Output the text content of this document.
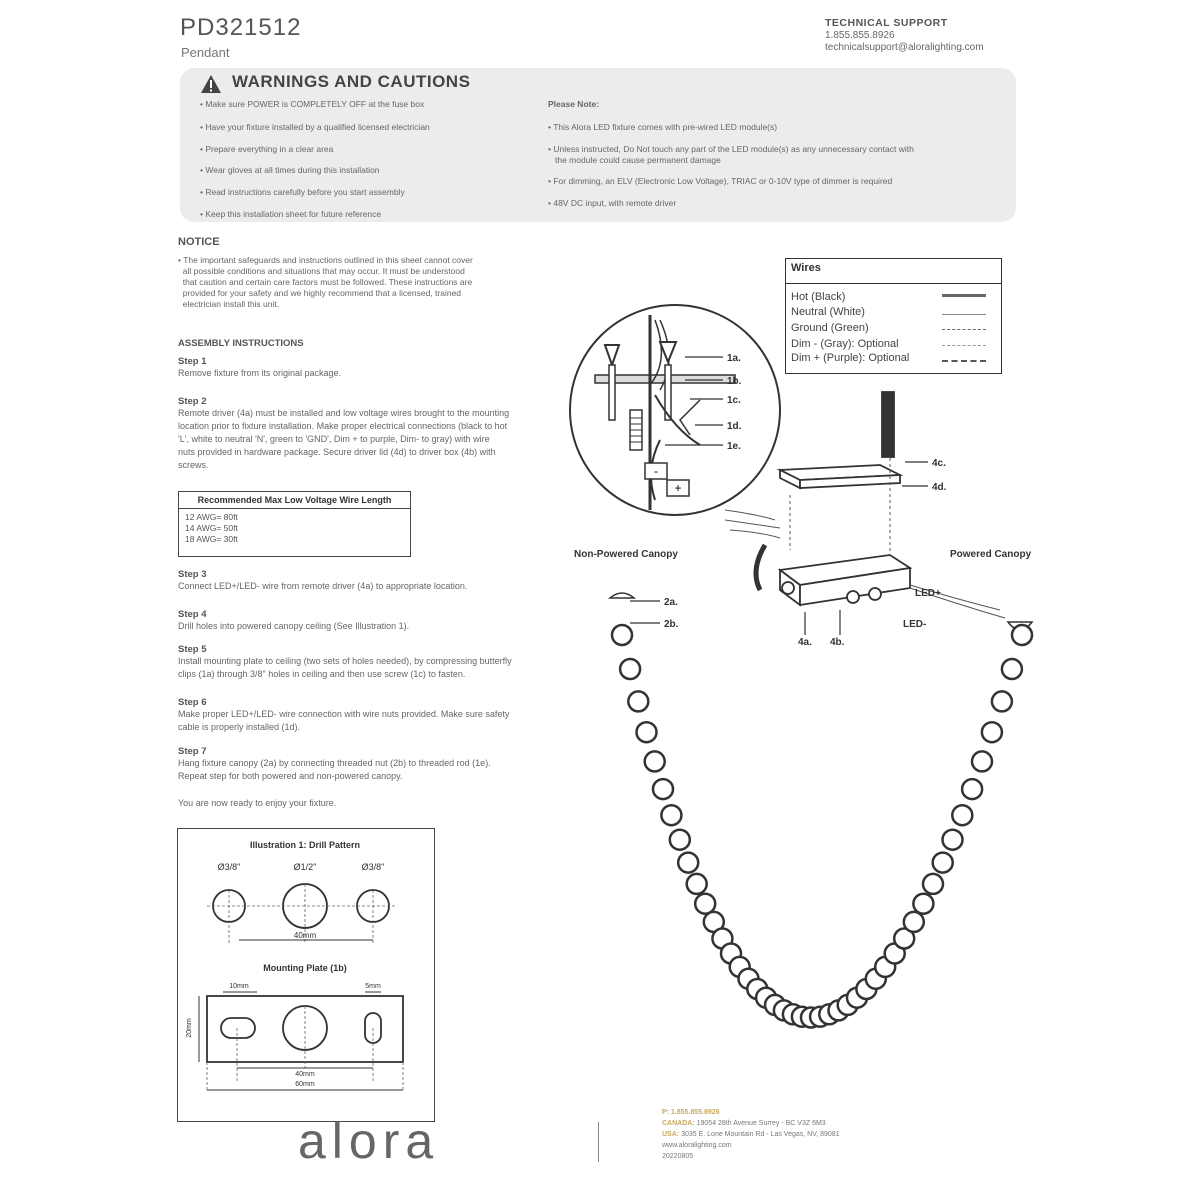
PD321512
Pendant
TECHNICAL SUPPORT
1.855.855.8926
technicalsupport@aloralighting.com
WARNINGS AND CAUTIONS
• Make sure POWER is COMPLETELY OFF at the fuse box
• Have your fixture installed by a qualified licensed electrician
• Prepare everything in a clear area
• Wear gloves at all times during this installation
• Read instructions carefully before you start assembly
• Keep this installation sheet for future reference
Please Note:
• This Alora LED fixture comes with pre-wired LED module(s)
• Unless instructed, Do Not touch any part of the LED module(s) as any unnecessary contact with
the module could cause permanent damage
• For dimming, an ELV (Electronic Low Voltage), TRIAC or 0-10V type of dimmer is required
• 48V DC input, with remote driver
NOTICE
• The important safeguards and instructions outlined in this sheet cannot cover
all possible conditions and situations that may occur. It must be understood
that caution and certain care factors must be followed. These instructions are
provided for your safety and we highly recommend that a licensed, trained
electrician install this unit.
ASSEMBLY INSTRUCTIONS
Step 1
Remove fixture from its original package.
Step 2
Remote driver (4a) must be installed and low voltage wires brought to the mounting
location prior to fixture installation. Make proper electrical connections (black to hot
'L', white to neutral 'N', green to 'GND', Dim + to purple, Dim- to gray) with wire
nuts provided in hardware package. Secure driver lid (4d) to driver box (4b) with
screws.
Recommended Max Low Voltage Wire Length
12 AWG= 80ft
14 AWG= 50ft
18 AWG= 30ft
Step 3
Connect LED+/LED- wire from remote driver (4a) to appropriate location.
Step 4
Drill holes into powered canopy ceiling (See Illustration 1).
Step 5
Install mounting plate to ceiling (two sets of holes needed), by compressing butterfly
clips (1a) through 3/8" holes in ceiling and then use screw (1c) to fasten.
Step 6
Make proper LED+/LED- wire connection with wire nuts provided. Make sure safety
cable is properly installed (1d).
Step 7
Hang fixture canopy (2a) by connecting threaded nut (2b) to threaded rod (1e).
Repeat step for both powered and non-powered canopy.
You are now ready to enjoy your fixture.
Wires
Hot (Black)
Neutral (White)
Ground (Green)
Dim - (Gray): Optional
Dim + (Purple): Optional
-
+
1a.
1b.
1c.
1d.
1e.
4c.
4d.
4a. 4b.
LED+
LED-
Non-Powered Canopy	Powered Canopy
2a.
2b.
Illustration 1: Drill Pattern
Ø3/8"	Ø1/2"	Ø3/8"
40mm
Mounting Plate (1b)
10mm	5mm
40mm
60mm
20mm
alora
P: 1.855.855.8926
CANADA: 19054 28th Avenue Surrey - BC V3Z 6M3
USA: 3035 E. Lone Mountain Rd - Las Vegas, NV, 89081
www.aloralighting.com
20220805
